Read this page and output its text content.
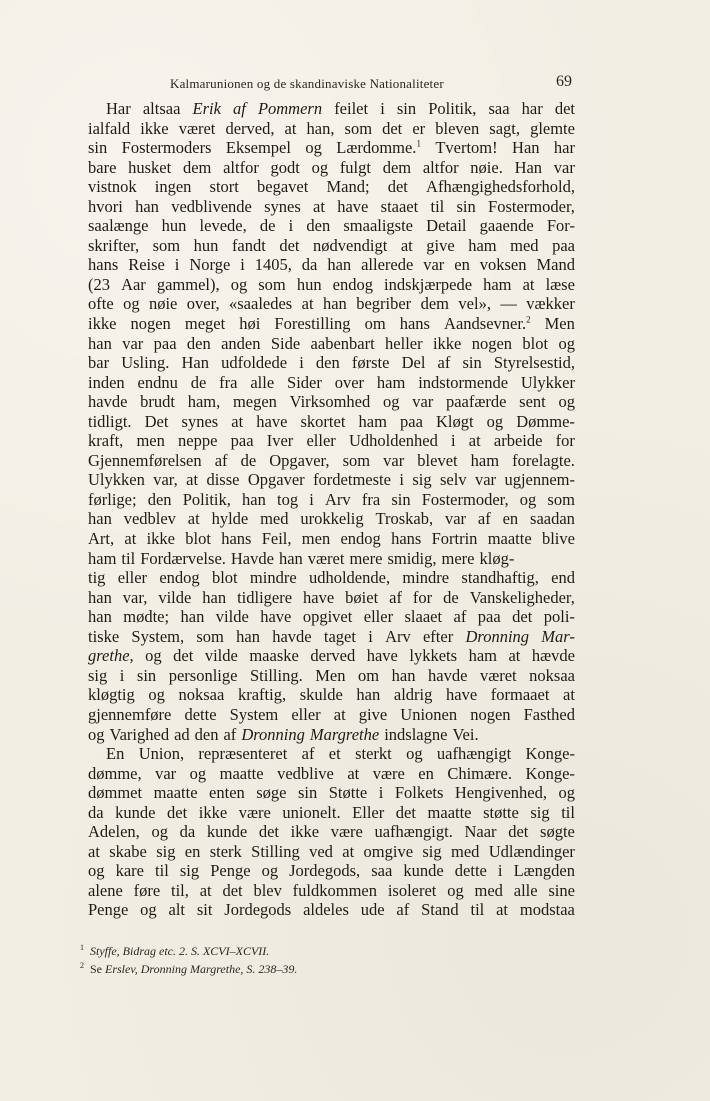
Kalmarunionen og de skandinaviske Nationaliteter	69
Har altsaa Erik af Pommern feilet i sin Politik, saa har det
ialfald ikke været derved, at han, som det er bleven sagt, glemte
sin Fostermoders Eksempel og Lærdomme.$^1$ Tvertom! Han har
bare husket dem altfor godt og fulgt dem altfor nøie. Han var
vistnok ingen stort begavet Mand; det Afhængighedsforhold,
hvori han vedblivende synes at have staaet til sin Fostermoder,
saalænge hun levede, de i den smaaligste Detail gaaende For-
skrifter, som hun fandt det nødvendigt at give ham med paa
hans Reise i Norge i 1405, da han allerede var en voksen Mand
(23 Aar gammel), og som hun endog indskjærpede ham at læse
ofte og nøie over, «saaledes at han begriber dem vel», — vækker
ikke nogen meget høi Forestilling om hans Aandsevner.$^2$ Men
han var paa den anden Side aabenbart heller ikke nogen blot og
bar Usling. Han udfoldede i den første Del af sin Styrelsestid,
inden endnu de fra alle Sider over ham indstormende Ulykker
havde brudt ham, megen Virksomhed og var paafærde sent og
tidligt. Det synes at have skortet ham paa Kløgt og Dømme-
kraft, men neppe paa Iver eller Udholdenhed i at arbeide for
Gjennemførelsen af de Opgaver, som var blevet ham forelagte.
Ulykken var, at disse Opgaver fordetmeste i sig selv var ugjennem-
førlige; den Politik, han tog i Arv fra sin Fostermoder, og som
han vedblev at hylde med urokkelig Troskab, var af en saadan
Art, at ikke blot hans Feil, men endog hans Fortrin maatte blive
ham til Fordærvelse. Havde han været mere smidig, mere kløg-
tig eller endog blot mindre udholdende, mindre standhaftig, end
han var, vilde han tidligere have bøiet af for de Vanskeligheder,
han mødte; han vilde have opgivet eller slaaet af paa det poli-
tiske System, som han havde taget i Arv efter Dronning Mar-
grethe, og det vilde maaske derved have lykkets ham at hævde
sig i sin personlige Stilling. Men om han havde været noksaa
kløgtig og noksaa kraftig, skulde han aldrig have formaaet at
gjennemføre dette System eller at give Unionen nogen Fasthed
og Varighed ad den af Dronning Margrethe indslagne Vei.
En Union, repræsenteret af et sterkt og uafhængigt Konge-
dømme, var og maatte vedblive at være en Chimære. Konge-
dømmet maatte enten søge sin Støtte i Folkets Hengivenhed, og
da kunde det ikke være unionelt. Eller det maatte støtte sig til
Adelen, og da kunde det ikke være uafhængigt. Naar det søgte
at skabe sig en sterk Stilling ved at omgive sig med Udlændinger
og kare til sig Penge og Jordegods, saa kunde dette i Længden
alene føre til, at det blev fuldkommen isoleret og med alle sine
Penge og alt sit Jordegods aldeles ude af Stand til at modstaa
$^1$ Styffe, Bidrag etc. 2. S. XCVI–XCVII.
$^2$ Se Erslev, Dronning Margrethe, S. 238–39.
